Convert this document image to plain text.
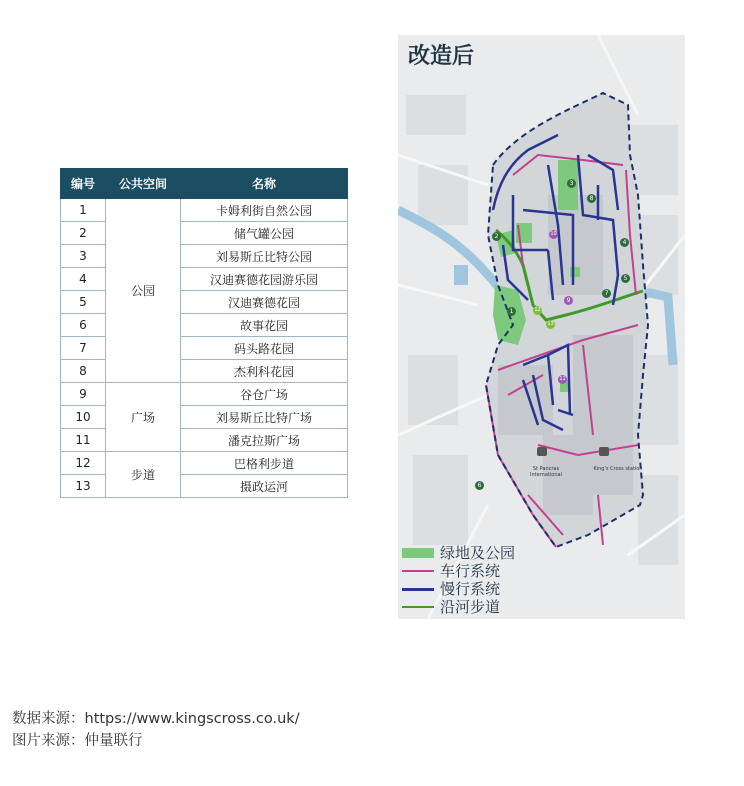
编号	公共空间	名称
1	公园	卡姆利街自然公园
2		储气罐公园
3		刘易斯丘比特公园
4		汉迪赛德花园游乐园
5		汉迪赛德花园
6		故事花园
7		码头路花园
8		杰利科花园
9	广场	谷仓广场
10		刘易斯丘比特广场
11		潘克拉斯广场
12	步道	巴格利步道
13		摄政运河
改造后
St Pancras International
King's Cross station
1
2
3
4
5
6
7
8
9
10
11
12
13
绿地及公园
车行系统
慢行系统
沿河步道
数据来源：https://www.kingscross.co.uk/
图片来源：仲量联行
